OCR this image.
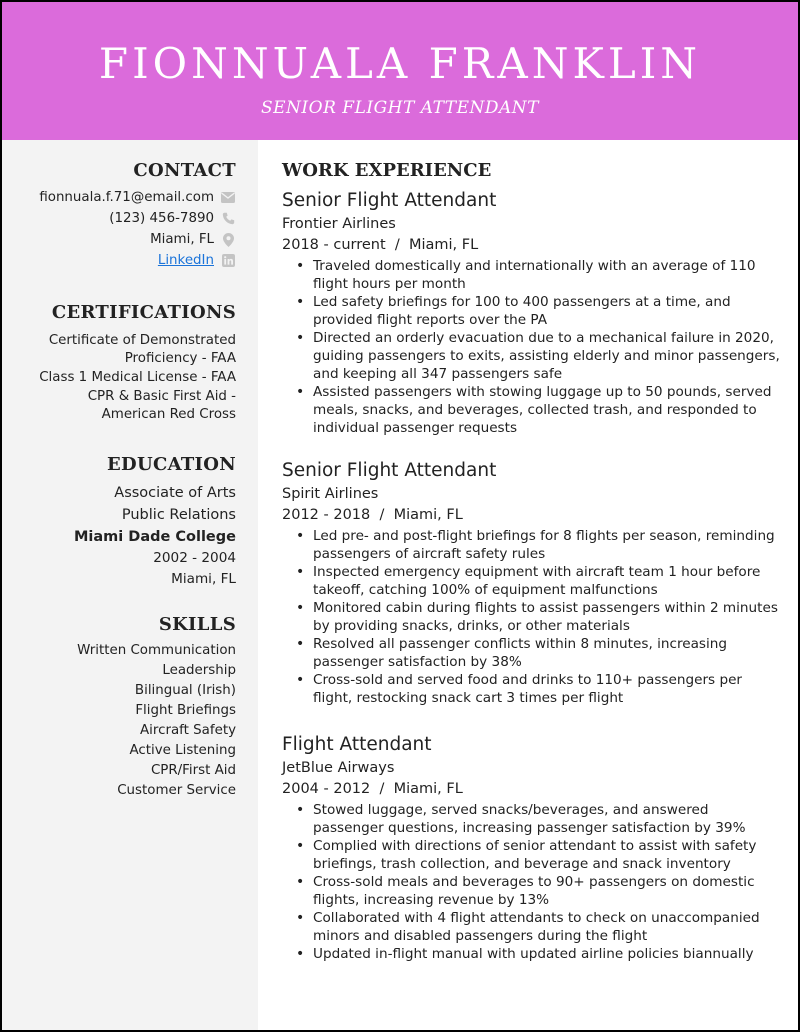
FIONNUALA FRANKLIN
SENIOR FLIGHT ATTENDANT
CONTACT
fionnuala.f.71@email.com
(123) 456-7890
Miami, FL
LinkedIn
CERTIFICATIONS
Certificate of Demonstrated
Proficiency - FAA
Class 1 Medical License - FAA
CPR & Basic First Aid -
American Red Cross
EDUCATION
Associate of Arts
Public Relations
Miami Dade College
2002 - 2004
Miami, FL
SKILLS
Written Communication
Leadership
Bilingual (Irish)
Flight Briefings
Aircraft Safety
Active Listening
CPR/First Aid
Customer Service
WORK EXPERIENCE
Senior Flight Attendant
Frontier Airlines
2018 - current  /  Miami, FL
• Traveled domestically and internationally with an average of 110 flight hours per month
• Led safety briefings for 100 to 400 passengers at a time, and provided flight reports over the PA
• Directed an orderly evacuation due to a mechanical failure in 2020, guiding passengers to exits, assisting elderly and minor passengers, and keeping all 347 passengers safe
• Assisted passengers with stowing luggage up to 50 pounds, served meals, snacks, and beverages, collected trash, and responded to individual passenger requests
Senior Flight Attendant
Spirit Airlines
2012 - 2018  /  Miami, FL
• Led pre- and post-flight briefings for 8 flights per season, reminding passengers of aircraft safety rules
• Inspected emergency equipment with aircraft team 1 hour before takeoff, catching 100% of equipment malfunctions
• Monitored cabin during flights to assist passengers within 2 minutes by providing snacks, drinks, or other materials
• Resolved all passenger conflicts within 8 minutes, increasing passenger satisfaction by 38%
• Cross-sold and served food and drinks to 110+ passengers per flight, restocking snack cart 3 times per flight
Flight Attendant
JetBlue Airways
2004 - 2012  /  Miami, FL
• Stowed luggage, served snacks/beverages, and answered passenger questions, increasing passenger satisfaction by 39%
• Complied with directions of senior attendant to assist with safety briefings, trash collection, and beverage and snack inventory
• Cross-sold meals and beverages to 90+ passengers on domestic flights, increasing revenue by 13%
• Collaborated with 4 flight attendants to check on unaccompanied minors and disabled passengers during the flight
• Updated in-flight manual with updated airline policies biannually
